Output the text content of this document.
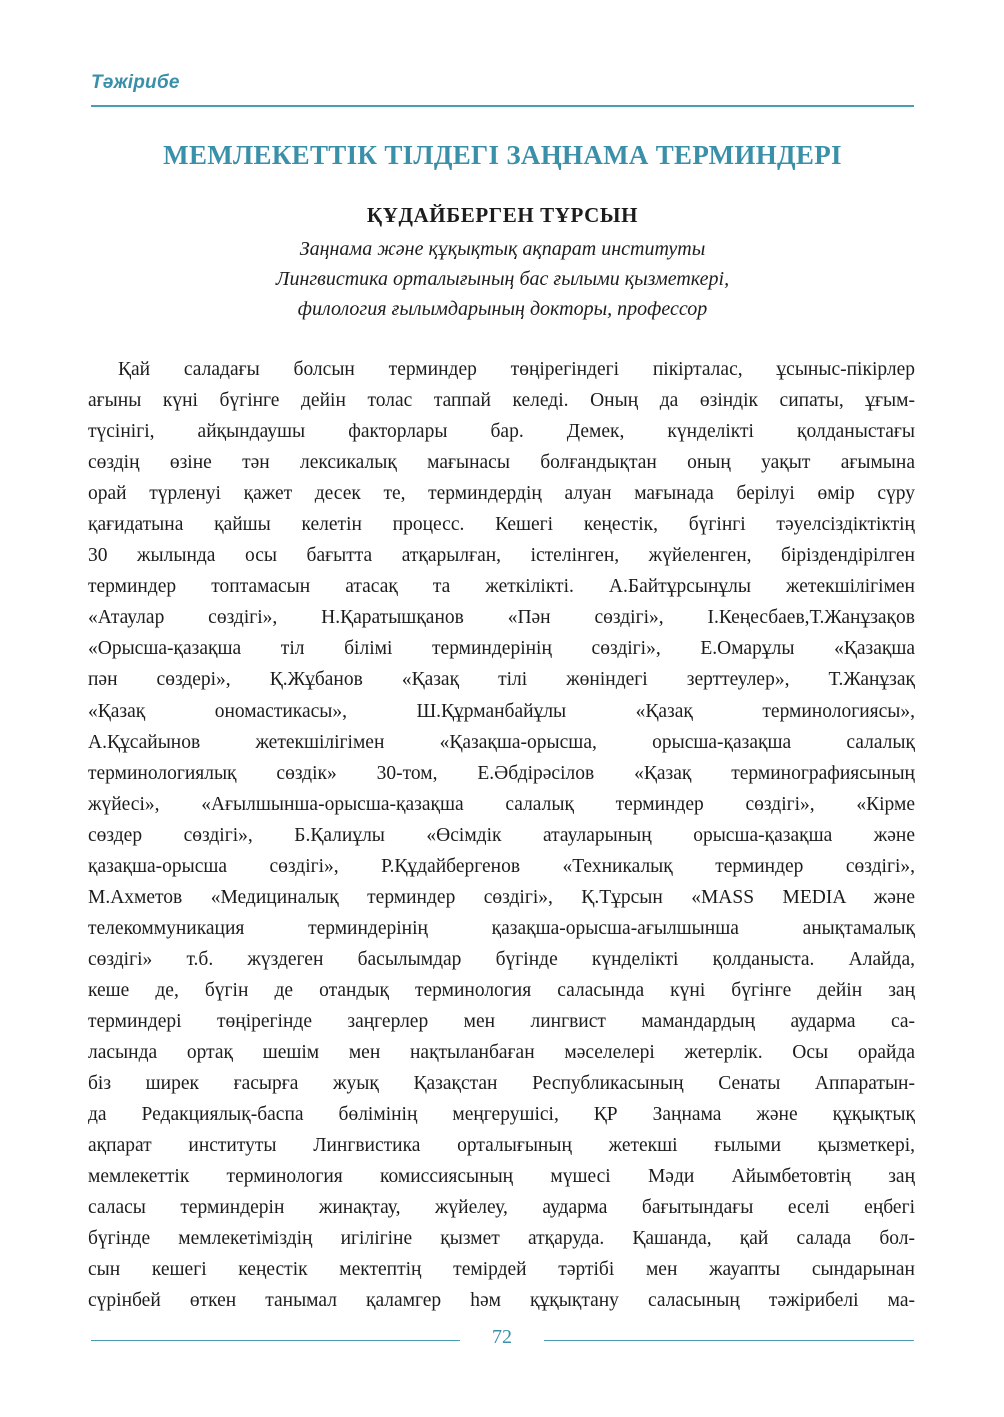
Тәжірибе
МЕМЛЕКЕТТІК ТІЛДЕГІ ЗАҢНАМА ТЕРМИНДЕРІ
ҚҰДАЙБЕРГЕН ТҰРСЫН
Заңнама және құқықтық ақпарат институты
Лингвистика орталығының бас ғылыми қызметкері,
филология ғылымдарының докторы, профессор
Қай саладағы болсын терминдер төңірегіндегі пікірталас, ұсыныс-пікірлер
ағыны күні бүгінге дейін толас таппай келеді. Оның да өзіндік сипаты, ұғым-
түсінігі, айқындаушы факторлары бар. Демек, күнделікті қолданыстағы
сөздің өзіне тән лексикалық мағынасы болғандықтан оның уақыт ағымына
орай түрленуі қажет десек те, терминдердің алуан мағынада берілуі өмір сүру
қағидатына қайшы келетін процесс. Кешегі кеңестік, бүгінгі тәуелсіздіктіктің
30 жылында осы бағытта атқарылған, істелінген, жүйеленген, біріздендірілген
терминдер топтамасын атасақ та жеткілікті. А.Байтұрсынұлы жетекшілігімен
«Атаулар сөздігі», Н.Қаратышқанов «Пән сөздігі», І.Кеңесбаев,Т.Жанұзақов
«Орысша-қазақша тіл білімі терминдерінің сөздігі», Е.Омарұлы «Қазақша
пән сөздері», Қ.Жұбанов «Қазақ тілі жөніндегі зерттеулер», Т.Жанұзақ
«Қазақ ономастикасы», Ш.Құрманбайұлы «Қазақ терминологиясы»,
А.Құсайынов жетекшілігімен «Қазақша-орысша, орысша-қазақша салалық
терминологиялық сөздік» 30-том, Е.Әбдірәсілов «Қазақ терминографиясының
жүйесі», «Ағылшынша-орысша-қазақша салалық терминдер сөздігі», «Кірме
сөздер сөздігі», Б.Қалиұлы «Өсімдік атауларының орысша-қазақша және
қазақша-орысша сөздігі», Р.Құдайбергенов «Техникалық терминдер сөздігі»,
М.Ахметов «Медициналық терминдер сөздігі», Қ.Тұрсын «MASS MEDIA және
телекоммуникация терминдерінің қазақша-орысша-ағылшынша анықтамалық
сөздігі» т.б. жүздеген басылымдар бүгінде күнделікті қолданыста. Алайда,
кеше де, бүгін де отандық терминология саласында күні бүгінге дейін заң
терминдері төңірегінде заңгерлер мен лингвист мамандардың аударма са-
ласында ортақ шешім мен нақтыланбаған мәселелері жетерлік. Осы орайда
біз ширек ғасырға жуық Қазақстан Республикасының Сенаты Аппаратын-
да Редакциялық-баспа бөлімінің меңгерушісі, ҚР Заңнама және құқықтық
ақпарат институты Лингвистика орталығының жетекші ғылыми қызметкері,
мемлекеттік терминология комиссиясының мүшесі Мәди Айымбетовтің заң
саласы терминдерін жинақтау, жүйелеу, аударма бағытындағы еселі еңбегі
бүгінде мемлекетіміздің игілігіне қызмет атқаруда. Қашанда, қай салада бол-
сын кешегі кеңестік мектептің темірдей тәртібі мен жауапты сындарынан
сүрінбей өткен танымал қаламгер һәм құқықтану саласының тәжірибелі ма-
72
